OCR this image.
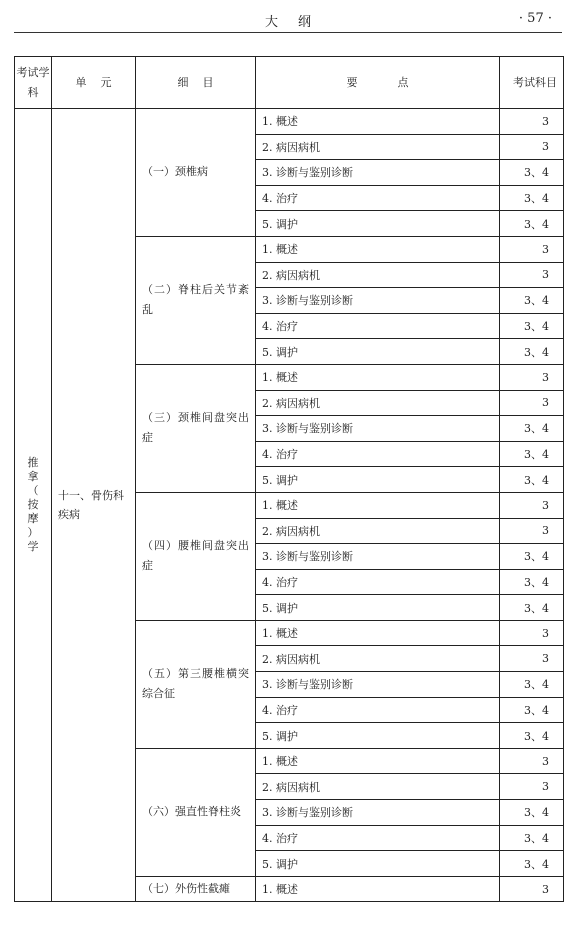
大纲	· 57 ·
考试学科	单元	细目	要点	考试科目
推拿（按摩）学	十一、骨伤科疾病	（一）颈椎病	1. 概述	3
			2. 病因病机	3
			3. 诊断与鉴别诊断	3、4
			4. 治疗	3、4
			5. 调护	3、4
		（二）脊柱后关节紊乱	1. 概述	3
			2. 病因病机	3
			3. 诊断与鉴别诊断	3、4
			4. 治疗	3、4
			5. 调护	3、4
		（三）颈椎间盘突出症	1. 概述	3
			2. 病因病机	3
			3. 诊断与鉴别诊断	3、4
			4. 治疗	3、4
			5. 调护	3、4
		（四）腰椎间盘突出症	1. 概述	3
			2. 病因病机	3
			3. 诊断与鉴别诊断	3、4
			4. 治疗	3、4
			5. 调护	3、4
		（五）第三腰椎横突综合征	1. 概述	3
			2. 病因病机	3
			3. 诊断与鉴别诊断	3、4
			4. 治疗	3、4
			5. 调护	3、4
		（六）强直性脊柱炎	1. 概述	3
			2. 病因病机	3
			3. 诊断与鉴别诊断	3、4
			4. 治疗	3、4
			5. 调护	3、4
		（七）外伤性截瘫	1. 概述	3
